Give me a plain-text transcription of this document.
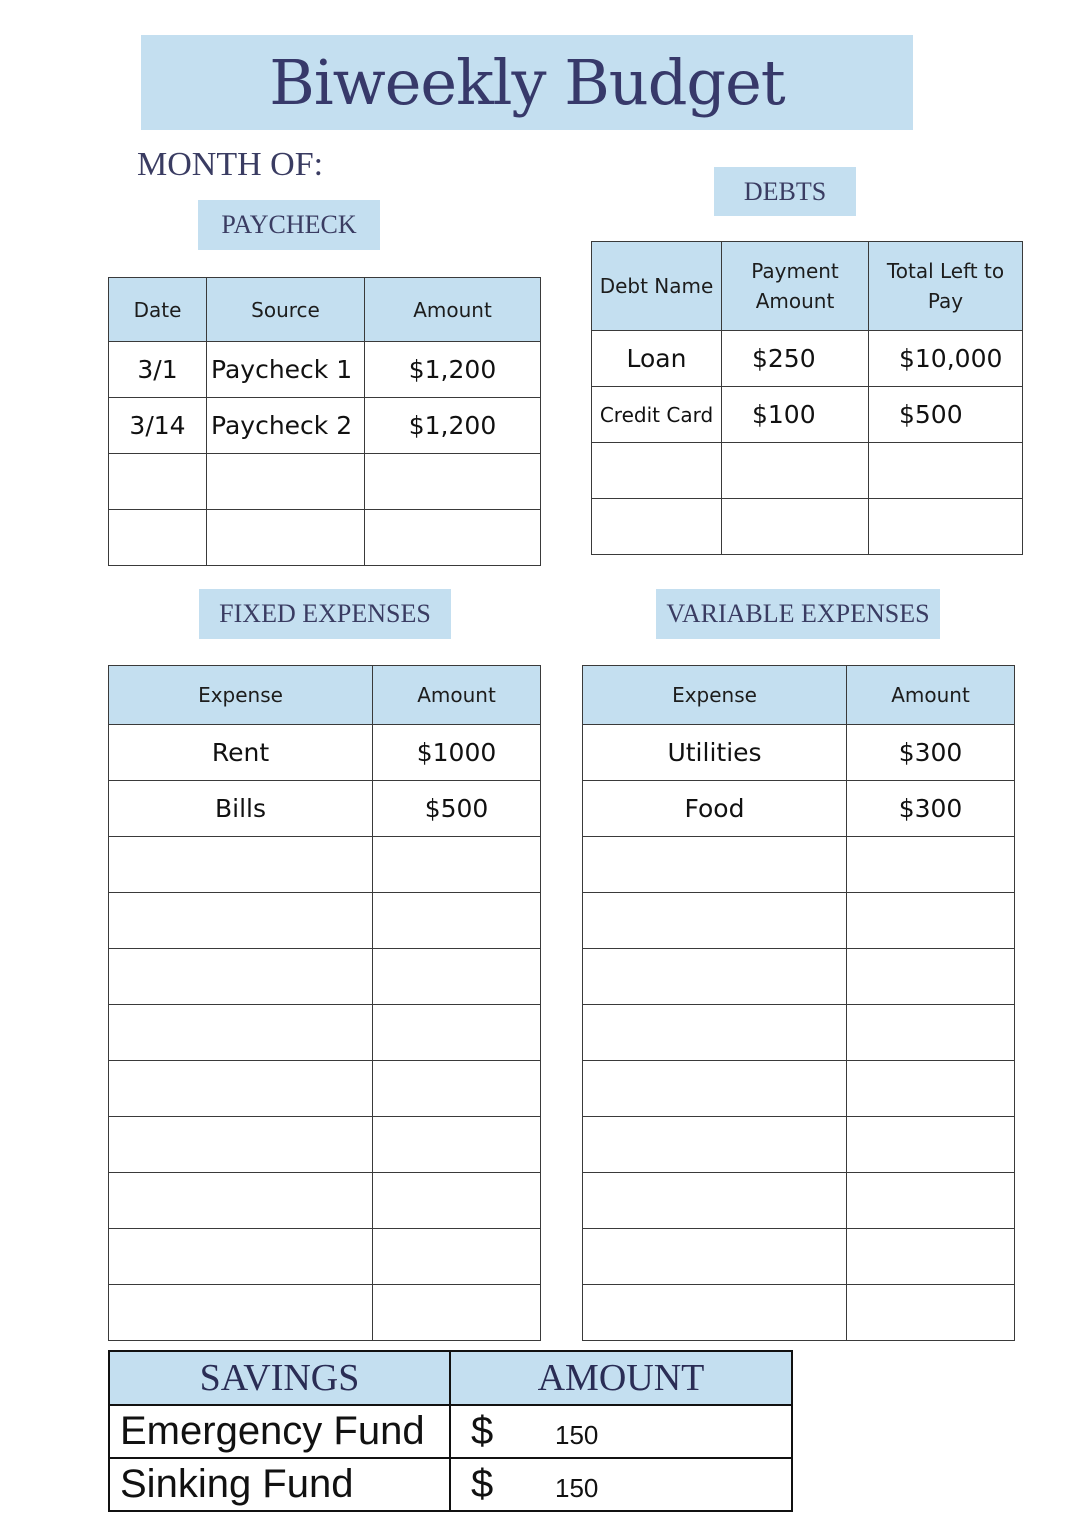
Biweekly Budget
MONTH OF:
PAYCHECK
DEBTS
FIXED EXPENSES	VARIABLE EXPENSES
Date	Source	Amount
3/1	Paycheck 1	$1,200
3/14	Paycheck 2	$1,200

Debt Name	Payment Amount	Total Left to Pay
Loan	$250	$10,000
Credit Card	$100	$500

Expense	Amount
Rent	$1000
Bills	$500

Expense	Amount
Utilities	$300
Food	$300

SAVINGS	AMOUNT
Emergency Fund	$ 150
Sinking Fund	$ 150
